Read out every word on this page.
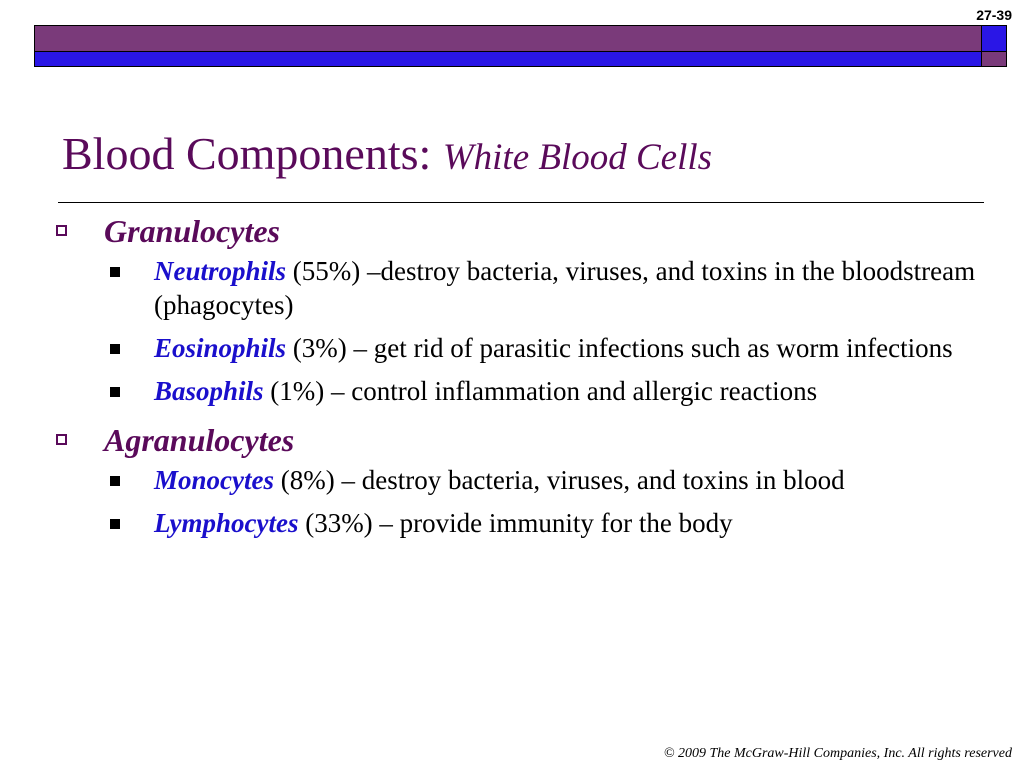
27-39
Blood Components: White Blood Cells
Granulocytes
Neutrophils (55%) –destroy bacteria, viruses, and toxins in the bloodstream (phagocytes)
Eosinophils (3%) – get rid of parasitic infections such as worm infections
Basophils (1%) – control inflammation and allergic reactions
Agranulocytes
Monocytes (8%) – destroy bacteria, viruses, and toxins in blood
Lymphocytes (33%) – provide immunity for the body
© 2009 The McGraw-Hill Companies, Inc. All rights reserved
